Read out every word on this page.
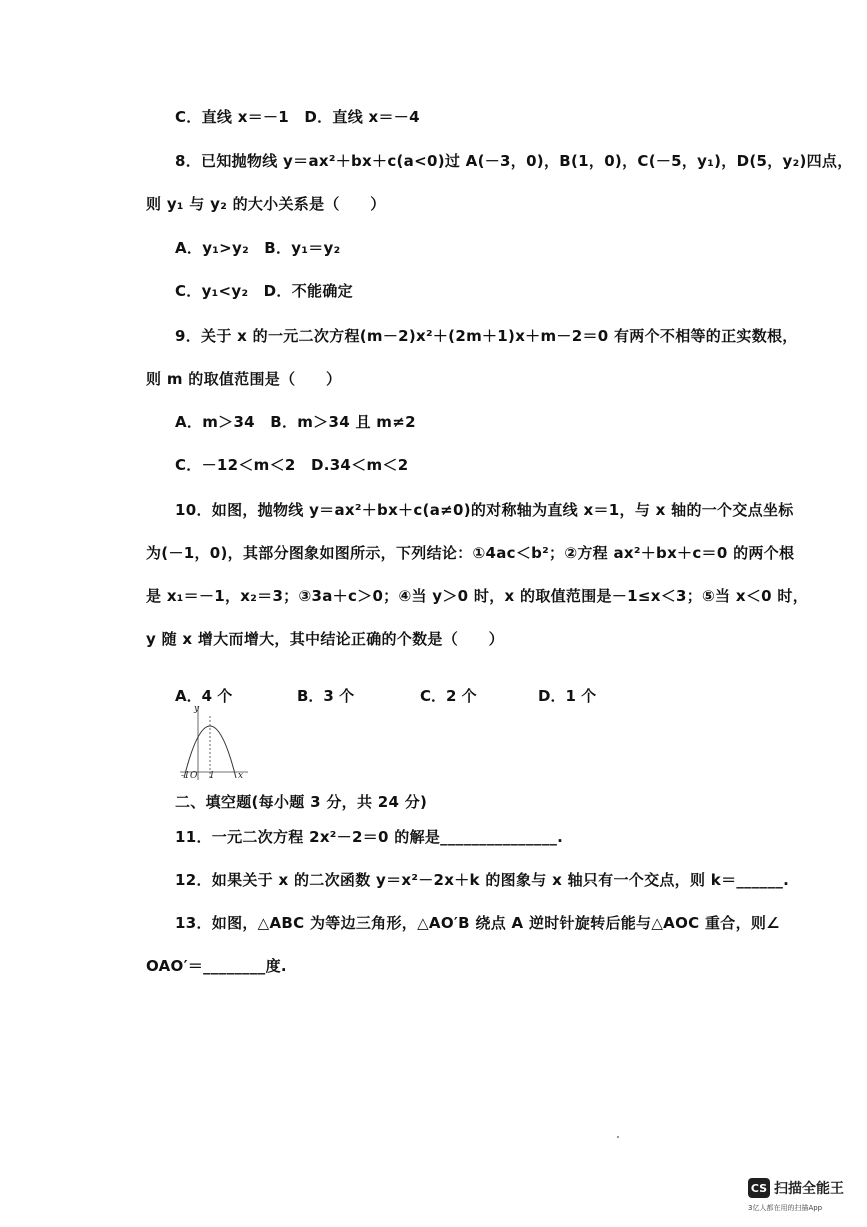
C．直线 x＝－1　D．直线 x＝－4
8．已知抛物线 y＝ax²＋bx＋c(a<0)过 A(－3，0)，B(1，0)，C(－5，y₁)，D(5，y₂)四点，
则 y₁ 与 y₂ 的大小关系是（　　）
A．y₁>y₂　B．y₁＝y₂
C．y₁<y₂　D．不能确定
9．关于 x 的一元二次方程(m－2)x²＋(2m＋1)x＋m－2＝0 有两个不相等的正实数根，
则 m 的取值范围是（　　）
A．m＞34　B．m＞34 且 m≠2
C．－12＜m＜2　D.34＜m＜2
10．如图，抛物线 y＝ax²＋bx＋c(a≠0)的对称轴为直线 x＝1，与 x 轴的一个交点坐标
为(－1，0)，其部分图象如图所示，下列结论：①4ac＜b²；②方程 ax²＋bx＋c＝0 的两个根
是 x₁＝－1，x₂＝3；③3a＋c＞0；④当 y＞0 时，x 的取值范围是－1≤x＜3；⑤当 x＜0 时，
y 随 x 增大而增大，其中结论正确的个数是（　　）
A．4 个	B．3 个	C．2 个	D．1 个
y
x
O 1
-1
二、填空题(每小题 3 分，共 24 分)
11．一元二次方程 2x²－2＝0 的解是_______________.
12．如果关于 x 的二次函数 y＝x²－2x＋k 的图象与 x 轴只有一个交点，则 k＝______.
13．如图，△ABC 为等边三角形，△AO′B 绕点 A 逆时针旋转后能与△AOC 重合，则∠
OAO′＝________度.
CS 扫描全能王
3亿人都在用的扫描App
